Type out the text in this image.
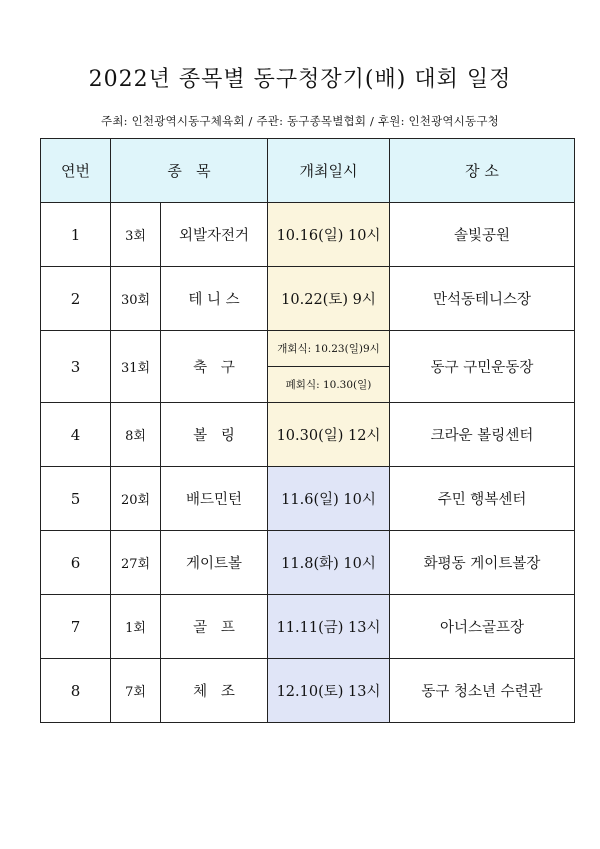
2022년 종목별 동구청장기(배) 대회 일정
주최: 인천광역시동구체육회 / 주관: 동구종목별협회 / 후원: 인천광역시동구청
연번	종   목		개최일시	장 소
1	3회	외발자전거	10.16(일) 10시	솔빛공원
2	30회	테 니 스	10.22(토) 9시	만석동테니스장
3	31회	축   구	개회식: 10.23(일)9시	동구 구민운동장
			폐회식: 10.30(일)	
4	8회	볼   링	10.30(일) 12시	크라운 볼링센터
5	20회	배드민턴	11.6(일) 10시	주민 행복센터
6	27회	게이트볼	11.8(화) 10시	화평동 게이트볼장
7	1회	골   프	11.11(금) 13시	아너스골프장
8	7회	체   조	12.10(토) 13시	동구 청소년 수련관
